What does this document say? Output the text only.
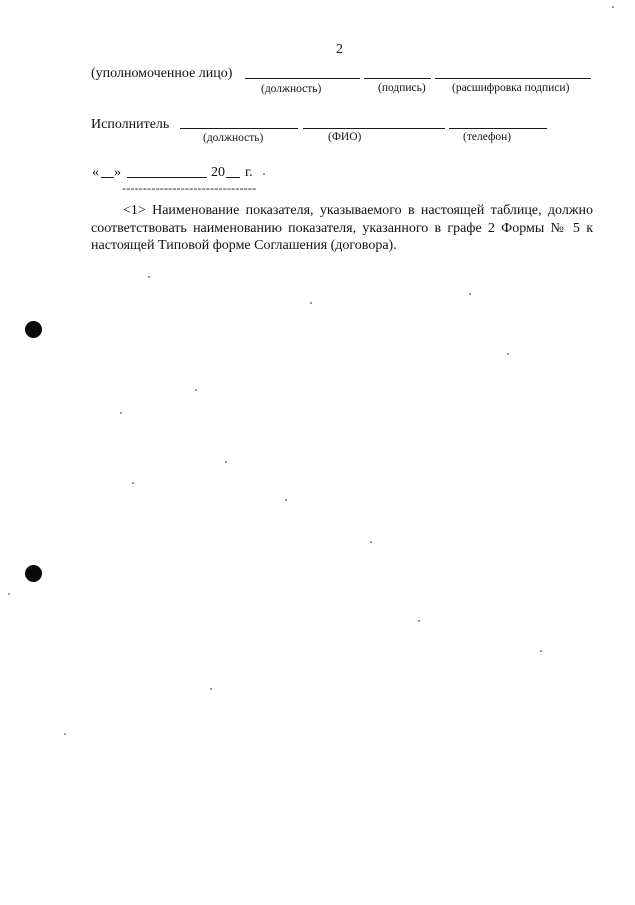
2
(уполномоченное лицо)
(должность)	(подпись) (расшифровка подписи)
Исполнитель
(должность)	(ФИО)	(телефон)
« »	20 г.
--------------------------------
<1> Наименование показателя, указываемого в настоящей таблице, должно соответствовать наименованию показателя, указанного в графе 2 Формы № 5 к настоящей Типовой форме Соглашения (договора).
